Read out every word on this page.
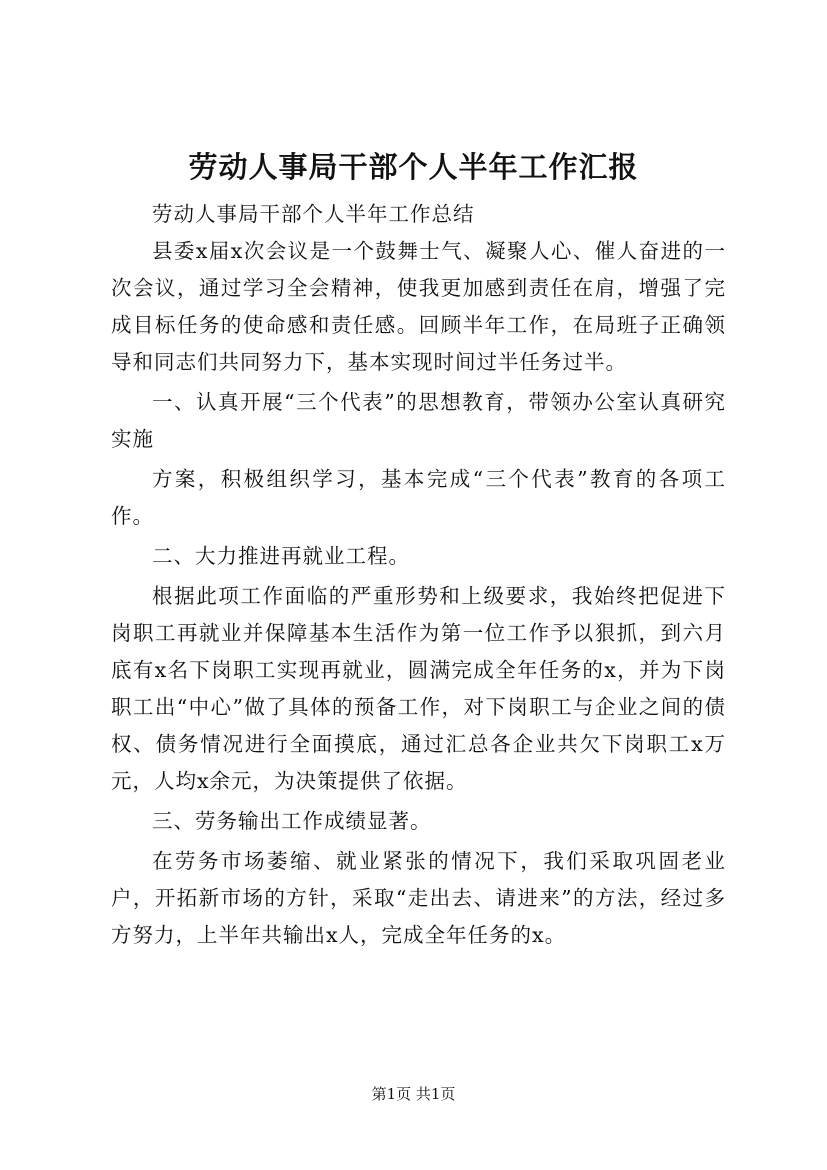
劳动人事局干部个人半年工作汇报

劳动人事局干部个人半年工作总结

县委x届x次会议是一个鼓舞士气、凝聚人心、催人奋进的一次会议，通过学习全会精神，使我更加感到责任在肩，增强了完成目标任务的使命感和责任感。回顾半年工作，在局班子正确领导和同志们共同努力下，基本实现时间过半任务过半。

一、认真开展“三个代表”的思想教育，带领办公室认真研究实施

方案，积极组织学习，基本完成“三个代表”教育的各项工作。

二、大力推进再就业工程。

根据此项工作面临的严重形势和上级要求，我始终把促进下岗职工再就业并保障基本生活作为第一位工作予以狠抓，到六月底有x名下岗职工实现再就业，圆满完成全年任务的x，并为下岗职工出“中心”做了具体的预备工作，对下岗职工与企业之间的债权、债务情况进行全面摸底，通过汇总各企业共欠下岗职工x万元，人均x余元，为决策提供了依据。

三、劳务输出工作成绩显著。

在劳务市场萎缩、就业紧张的情况下，我们采取巩固老业户，开拓新市场的方针，采取“走出去、请进来”的方法，经过多方努力，上半年共输出x人，完成全年任务的x。

第1页 共1页
